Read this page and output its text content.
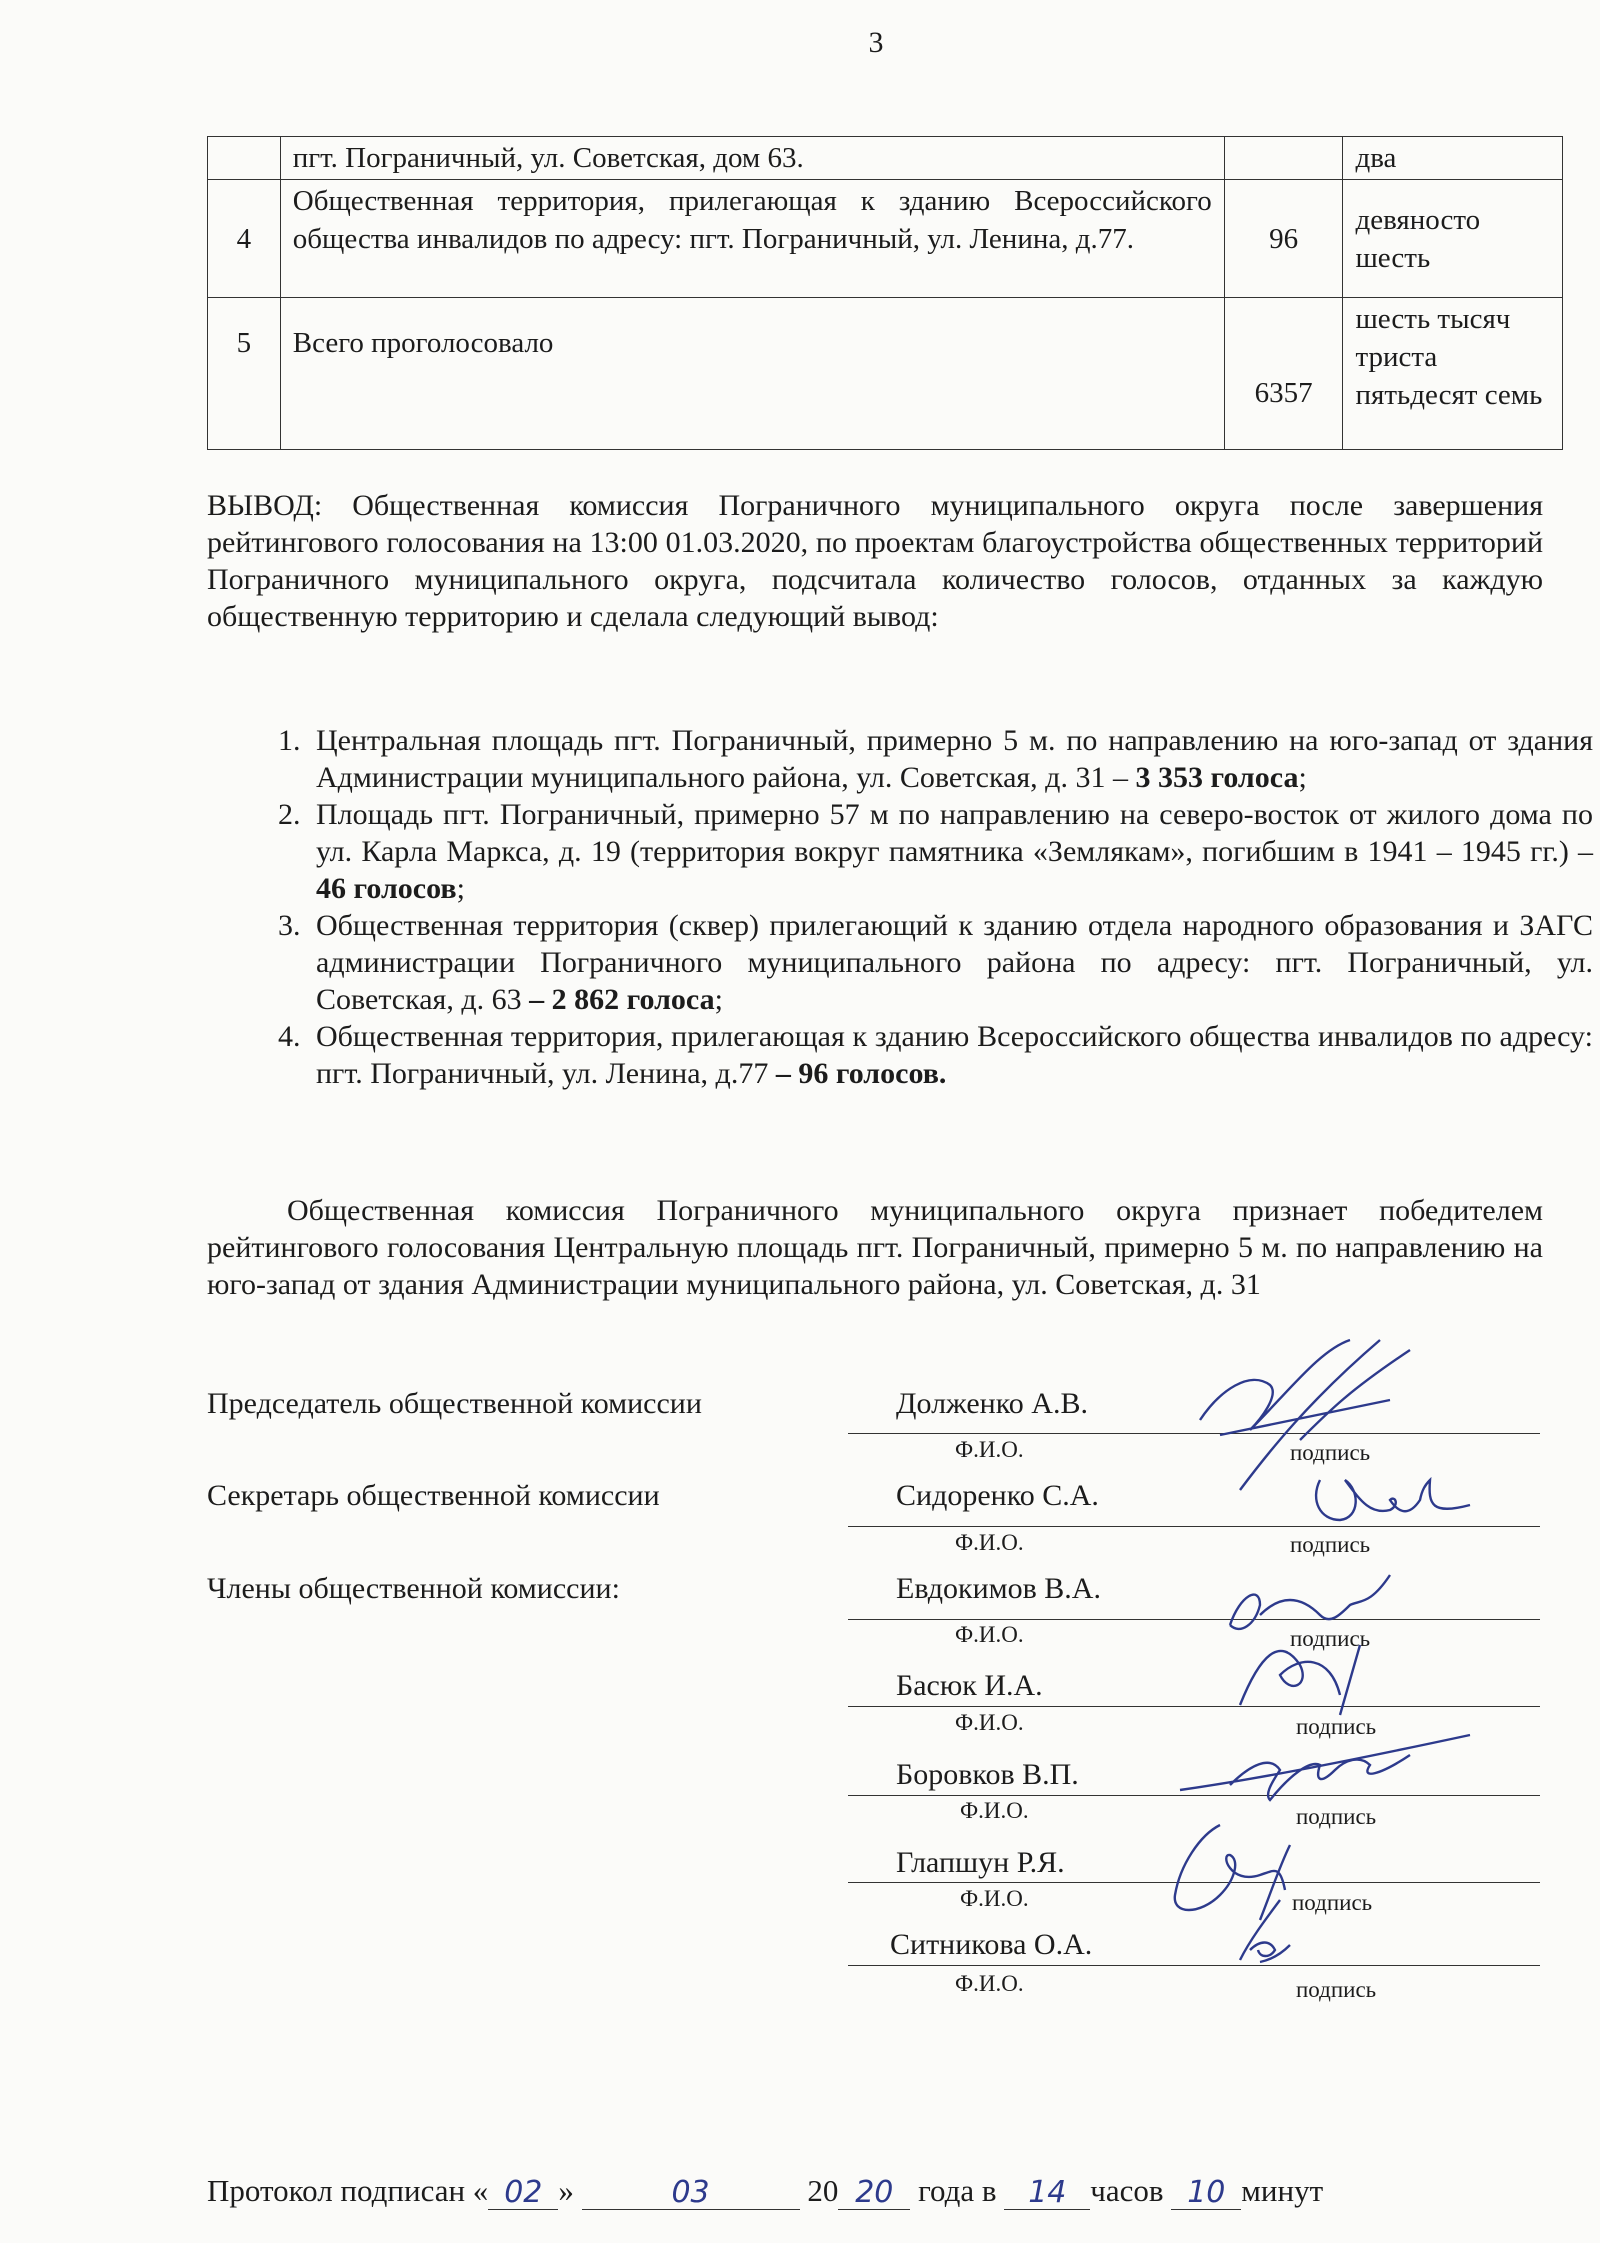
3
	пгт. Пограничный, ул. Советская, дом 63.		два
4	Общественная территория, прилегающая к зданию Всероссийского общества инвалидов по адресу: пгт. Пограничный, ул. Ленина, д.77.	96	девяносто шесть
5	Всего проголосовало	6357	шесть тысяч триста пятьдесят семь

ВЫВОД: Общественная комиссия Пограничного муниципального округа после завершения рейтингового голосования на 13:00 01.03.2020, по проектам благоустройства общественных территорий Пограничного муниципального округа, подсчитала количество голосов, отданных за каждую общественную территорию и сделала следующий вывод:

1. Центральная площадь пгт. Пограничный, примерно 5 м. по направлению на юго-запад от здания Администрации муниципального района, ул. Советская, д. 31 – 3 353 голоса;
2. Площадь пгт. Пограничный, примерно 57 м по направлению на северо-восток от жилого дома по ул. Карла Маркса, д. 19 (территория вокруг памятника «Землякам», погибшим в 1941 – 1945 гг.) – 46 голосов;
3. Общественная территория (сквер) прилегающий к зданию отдела народного образования и ЗАГС администрации Пограничного муниципального района по адресу: пгт. Пограничный, ул. Советская, д. 63 – 2 862 голоса;
4. Общественная территория, прилегающая к зданию Всероссийского общества инвалидов по адресу: пгт. Пограничный, ул. Ленина, д.77 – 96 голосов.

Общественная комиссия Пограничного муниципального округа признает победителем рейтингового голосования Центральную площадь пгт. Пограничный, примерно 5 м. по направлению на юго-запад от здания Администрации муниципального района, ул. Советская, д. 31

Председатель общественной комиссии
Секретарь общественной комиссии
Члены общественной комиссии:
Долженко А.В.
Ф.И.О.	подпись
Сидоренко С.А.
Ф.И.О.	подпись
Евдокимов В.А.
Ф.И.О.	подпись
Басюк И.А.
Ф.И.О.	подпись
Боровков В.П.
Ф.И.О.	подпись
Глапшун Р.Я.
Ф.И.О.	подпись
Ситникова О.А.
Ф.И.О.	подпись
Протокол подписан « 02 »	03	20 20 года в 14 часов 10 минут
